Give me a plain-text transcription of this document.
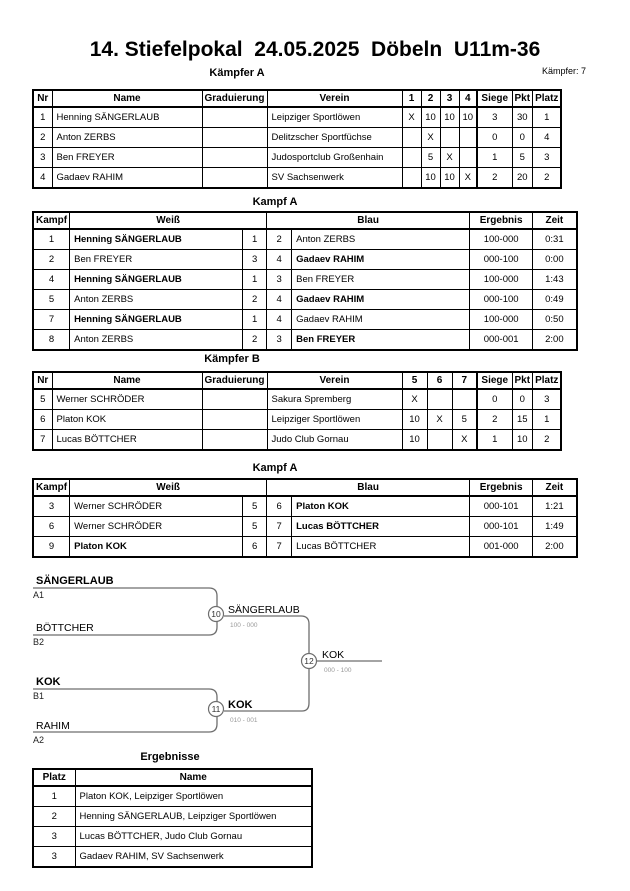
14. Stiefelpokal  24.05.2025  Döbeln  U11m-36
Kämpfer: 7
Kämpfer A
Nr	Name	Graduierung	Verein	1	2	3	4	Siege	Pkt	Platz
1	Henning SÄNGERLAUB		Leipziger Sportlöwen	X	10	10	10	3	30	1
2	Anton ZERBS		Delitzscher Sportfüchse		X			0	0	4
3	Ben FREYER		Judosportclub Großenhain		5	X		1	5	3
4	Gadaev RAHIM		SV Sachsenwerk		10	10	X	2	20	2
Kampf A
Kampf	Weiß		Blau		Ergebnis	Zeit
1	Henning SÄNGERLAUB	1	2	Anton ZERBS	100-000	0:31
2	Ben FREYER	3	4	Gadaev RAHIM	000-100	0:00
4	Henning SÄNGERLAUB	1	3	Ben FREYER	100-000	1:43
5	Anton ZERBS	2	4	Gadaev RAHIM	000-100	0:49
7	Henning SÄNGERLAUB	1	4	Gadaev RAHIM	100-000	0:50
8	Anton ZERBS	2	3	Ben FREYER	000-001	2:00
Kämpfer B
Nr	Name	Graduierung	Verein	5	6	7	Siege	Pkt	Platz
5	Werner SCHRÖDER		Sakura Spremberg	X			0	0	3
6	Platon KOK		Leipziger Sportlöwen	10	X	5	2	15	1
7	Lucas BÖTTCHER		Judo Club Gornau	10		X	1	10	2
Kampf A
Kampf	Weiß		Blau		Ergebnis	Zeit
3	Werner SCHRÖDER	5	6	Platon KOK	000-101	1:21
6	Werner SCHRÖDER	5	7	Lucas BÖTTCHER	000-101	1:49
9	Platon KOK	6	7	Lucas BÖTTCHER	001-000	2:00
10
11
12
SÄNGERLAUB
A1
BÖTTCHER
B2
KOK
B1
RAHIM
A2
SÄNGERLAUB
100 - 000
KOK
010 - 001
KOK
000 - 100
Ergebnisse
Platz	Name
1	Platon KOK, Leipziger Sportlöwen
2	Henning SÄNGERLAUB, Leipziger Sportlöwen
3	Lucas BÖTTCHER, Judo Club Gornau
3	Gadaev RAHIM, SV Sachsenwerk
